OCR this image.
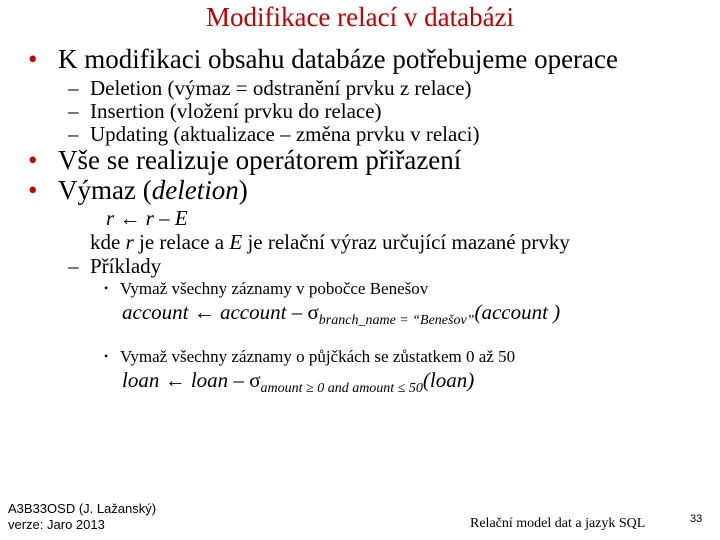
Modifikace relací v databázi
• K modifikaci obsahu databáze potřebujeme operace
– Deletion (výmaz = odstranění prvku z relace)
– Insertion (vložení prvku do relace)
– Updating (aktualizace – změna prvku v relaci)
• Vše se realizuje operátorem přiřazení
• Výmaz (deletion)
r ← r – E
kde r je relace a E je relační výraz určující mazané prvky
– Příklady
• Vymaž všechny záznamy v pobočce Benešov
account ← account – $\sigma_{branch\_name = “Benešov”}(account$ )
• Vymaž všechny záznamy o půjčkách se zůstatkem 0 až 50
loan ← loan – $\sigma_{amount \ge 0 and amount \le 50}(loan)$
A3B33OSD (J. Lažanský)
verze: Jaro 2013	Relační model dat a jazyk SQL	33
